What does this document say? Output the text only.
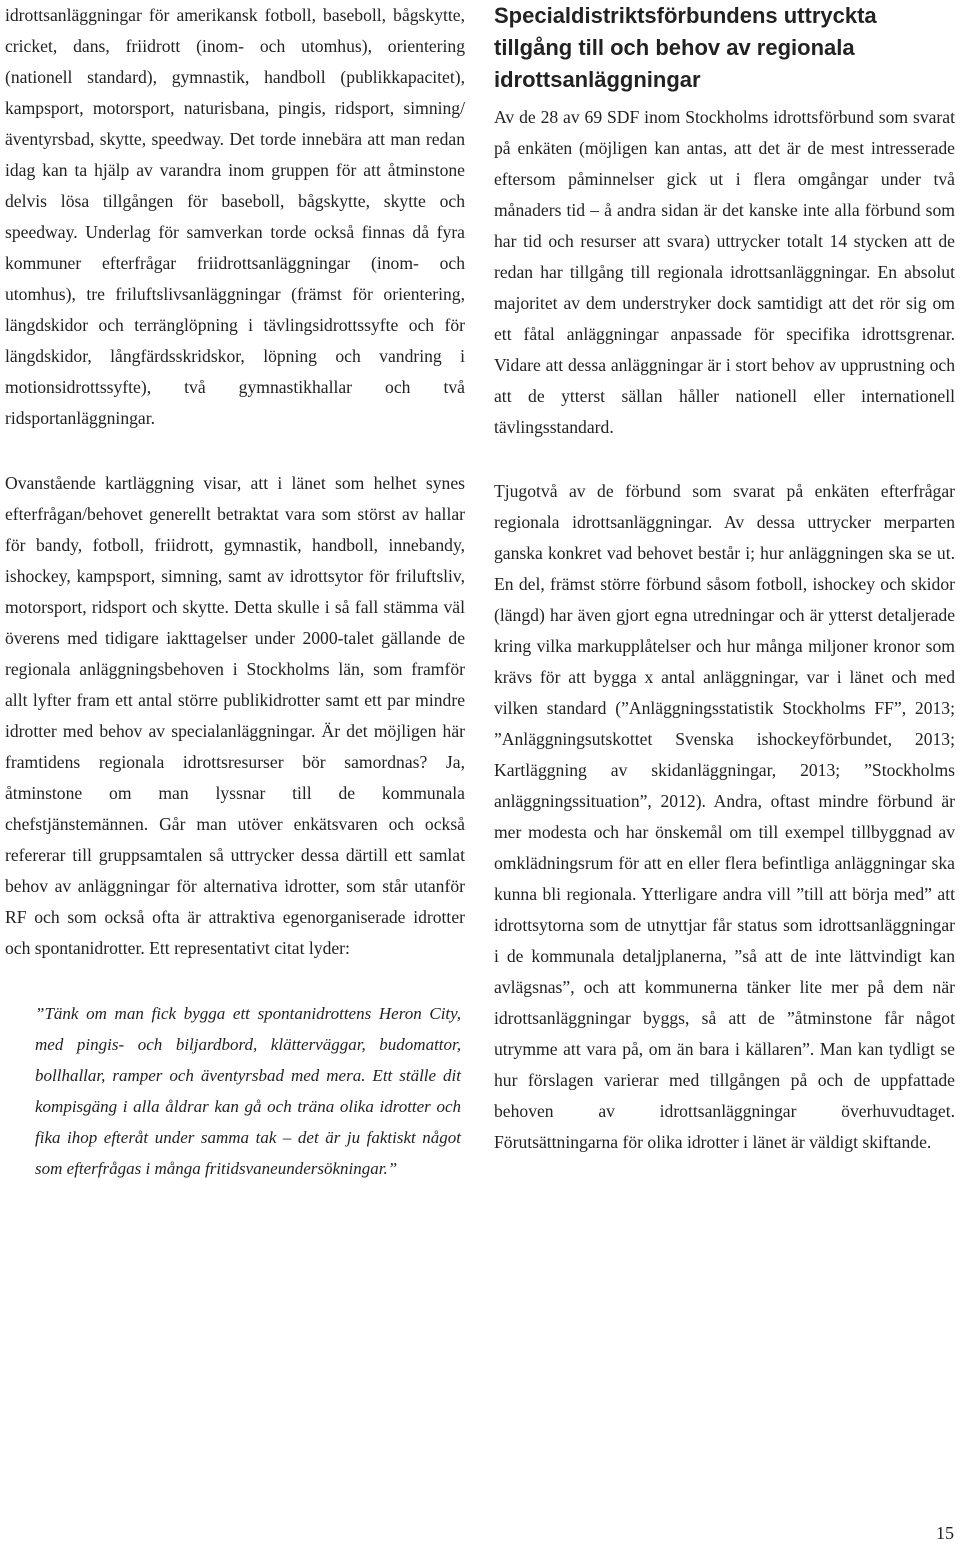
idrottsanläggningar för amerikansk fotboll, baseboll, bågskytte, cricket, dans, friidrott (inom- och utomhus), orientering (nationell standard), gymnastik, handboll (publikkapacitet), kampsport, motorsport, naturisbana, pingis, ridsport, simning/äventyrsbad, skytte, speedway. Det torde innebära att man redan idag kan ta hjälp av varandra inom gruppen för att åtminstone delvis lösa tillgången för baseboll, bågskytte, skytte och speedway. Underlag för samverkan torde också finnas då fyra kommuner efterfrågar friidrottsanläggningar (inom- och utomhus), tre friluftslivsanläggningar (främst för orientering, längdskidor och terränglöpning i tävlingsidrottssyfte och för längdskidor, långfärdsskridskor, löpning och vandring i motionsidrottssyfte), två gymnastikhallar och två ridsportanläggningar.

Ovanstående kartläggning visar, att i länet som helhet synes efterfrågan/behovet generellt betraktat vara som störst av hallar för bandy, fotboll, friidrott, gymnastik, handboll, innebandy, ishockey, kampsport, simning, samt av idrottsytor för friluftsliv, motorsport, ridsport och skytte. Detta skulle i så fall stämma väl överens med tidigare iakttagelser under 2000-talet gällande de regionala anläggningsbehoven i Stockholms län, som framför allt lyfter fram ett antal större publikidrotter samt ett par mindre idrotter med behov av specialanläggningar. Är det möjligen här framtidens regionala idrottsresurser bör samordnas? Ja, åtminstone om man lyssnar till de kommunala chefstjänstemännen. Går man utöver enkätsvaren och också refererar till gruppsamtalen så uttrycker dessa därtill ett samlat behov av anläggningar för alternativa idrotter, som står utanför RF och som också ofta är attraktiva egenorganiserade idrotter och spontanidrotter. Ett representativt citat lyder:

”Tänk om man fick bygga ett spontanidrottens Heron City, med pingis- och biljardbord, klätterväggar, budomattor, bollhallar, ramper och äventyrsbad med mera. Ett ställe dit kompisgäng i alla åldrar kan gå och träna olika idrotter och fika ihop efteråt under samma tak – det är ju faktiskt något som efterfrågas i många fritidsvaneundersökningar.”

Specialdistriktsförbundens uttryckta tillgång till och behov av regionala idrottsanläggningar

Av de 28 av 69 SDF inom Stockholms idrottsförbund som svarat på enkäten (möjligen kan antas, att det är de mest intresserade eftersom påminnelser gick ut i flera omgångar under två månaders tid – å andra sidan är det kanske inte alla förbund som har tid och resurser att svara) uttrycker totalt 14 stycken att de redan har tillgång till regionala idrottsanläggningar. En absolut majoritet av dem understryker dock samtidigt att det rör sig om ett fåtal anläggningar anpassade för specifika idrottsgrenar. Vidare att dessa anläggningar är i stort behov av upprustning och att de ytterst sällan håller nationell eller internationell tävlingsstandard.

Tjugotvå av de förbund som svarat på enkäten efterfrågar regionala idrottsanläggningar. Av dessa uttrycker merparten ganska konkret vad behovet består i; hur anläggningen ska se ut. En del, främst större förbund såsom fotboll, ishockey och skidor (längd) har även gjort egna utredningar och är ytterst detaljerade kring vilka markupplåtelser och hur många miljoner kronor som krävs för att bygga x antal anläggningar, var i länet och med vilken standard (”Anläggningsstatistik Stockholms FF”, 2013; ”Anläggningsutskottet Svenska ishockeyförbundet, 2013; Kartläggning av skidanläggningar, 2013; ”Stockholms anläggningssituation”, 2012). Andra, oftast mindre förbund är mer modesta och har önskemål om till exempel tillbyggnad av omklädningsrum för att en eller flera befintliga anläggningar ska kunna bli regionala. Ytterligare andra vill ”till att börja med” att idrottsytorna som de utnyttjar får status som idrottsanläggningar i de kommunala detaljplanerna, ”så att de inte lättvindigt kan avlägsnas”, och att kommunerna tänker lite mer på dem när idrottsanläggningar byggs, så att de ”åtminstone får något utrymme att vara på, om än bara i källaren”. Man kan tydligt se hur förslagen varierar med tillgången på och de uppfattade behoven av idrottsanläggningar överhuvudtaget. Förutsättningarna för olika idrotter i länet är väldigt skiftande.

15
